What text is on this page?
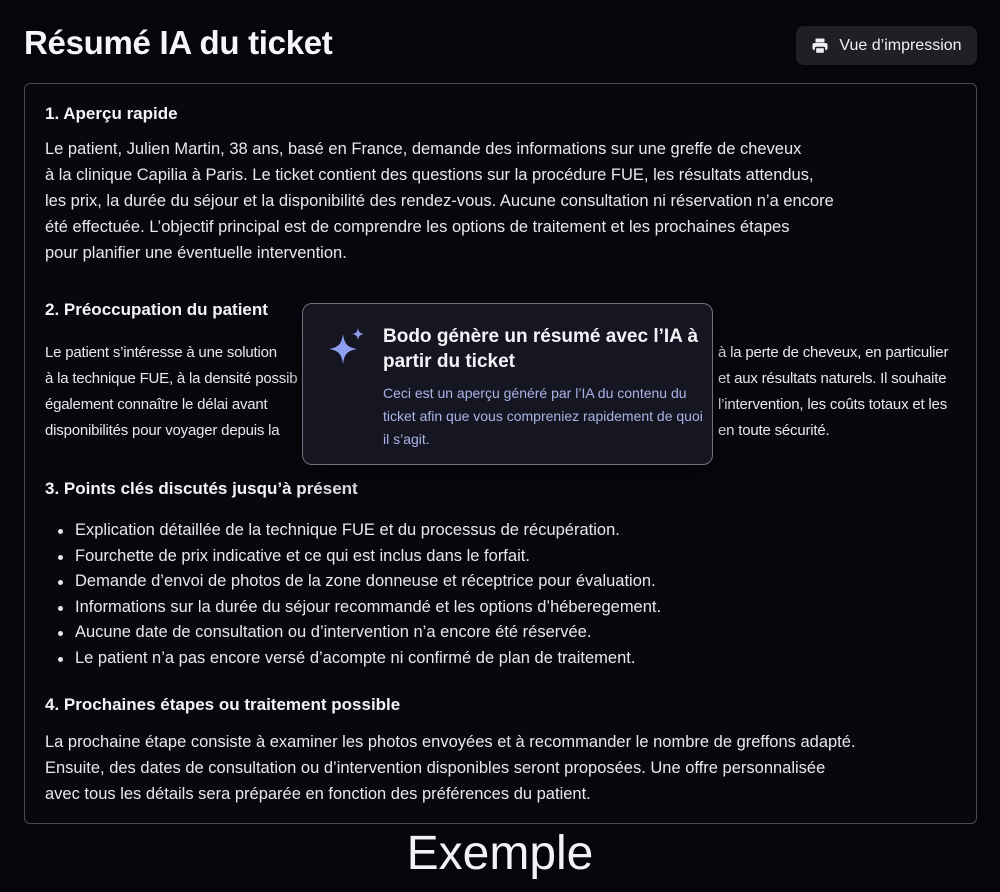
Résumé IA du ticket	Vue d’impression
1. Aperçu rapide

Le patient, Julien Martin, 38 ans, basé en France, demande des informations sur une greffe de cheveux
à la clinique Capilia à Paris. Le ticket contient des questions sur la procédure FUE, les résultats attendus,
les prix, la durée du séjour et la disponibilité des rendez-vous. Aucune consultation ni réservation n’a encore
été effectuée. L’objectif principal est de comprendre les options de traitement et les prochaines étapes
pour planifier une éventuelle intervention.

2. Préoccupation du patient
Le patient s’intéresse à une solution	à la perte de cheveux, en particulier
à la technique FUE, à la densité possib	et aux résultats naturels. Il souhaite
également connaître le délai avant	l’intervention, les coûts totaux et les
disponibilités pour voyager depuis la	en toute sécurité.
3. Points clés discutés jusqu’à présent
Explication détaillée de la technique FUE et du processus de récupération.
Fourchette de prix indicative et ce qui est inclus dans le forfait.
Demande d’envoi de photos de la zone donneuse et réceptrice pour évaluation.
Informations sur la durée du séjour recommandé et les options d’héberegement.
Aucune date de consultation ou d’intervention n’a encore été réservée.
Le patient n’a pas encore versé d’acompte ni confirmé de plan de traitement.
4. Prochaines étapes ou traitement possible

La prochaine étape consiste à examiner les photos envoyées et à recommander le nombre de greffons adapté.
Ensuite, des dates de consultation ou d’intervention disponibles seront proposées. Une offre personnalisée
avec tous les détails sera préparée en fonction des préférences du patient.

Bodo génère un résumé avec l’IA à partir du ticket
Ceci est un aperçu généré par l’IA du contenu du ticket afin que vous compreniez rapidement de quoi il s’agit.
Exemple
